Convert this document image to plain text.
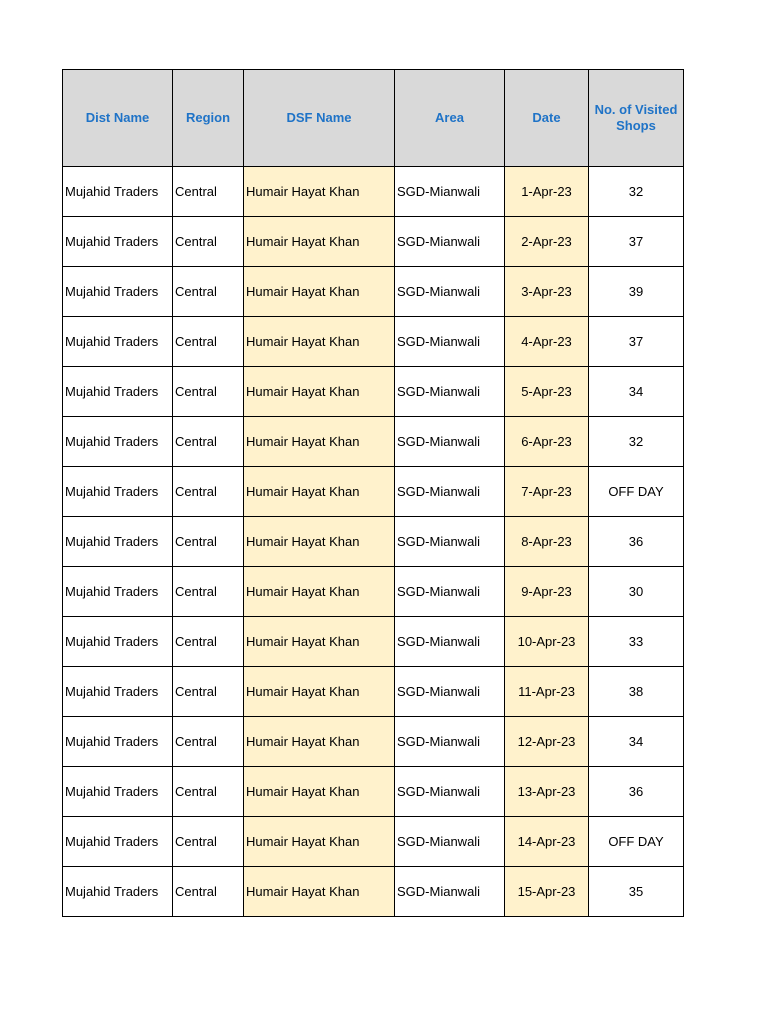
Dist Name	Region	DSF Name	Area	Date	No. of Visited Shops
Mujahid Traders	Central	Humair Hayat Khan	SGD-Mianwali	1-Apr-23	32
Mujahid Traders	Central	Humair Hayat Khan	SGD-Mianwali	2-Apr-23	37
Mujahid Traders	Central	Humair Hayat Khan	SGD-Mianwali	3-Apr-23	39
Mujahid Traders	Central	Humair Hayat Khan	SGD-Mianwali	4-Apr-23	37
Mujahid Traders	Central	Humair Hayat Khan	SGD-Mianwali	5-Apr-23	34
Mujahid Traders	Central	Humair Hayat Khan	SGD-Mianwali	6-Apr-23	32
Mujahid Traders	Central	Humair Hayat Khan	SGD-Mianwali	7-Apr-23	OFF DAY
Mujahid Traders	Central	Humair Hayat Khan	SGD-Mianwali	8-Apr-23	36
Mujahid Traders	Central	Humair Hayat Khan	SGD-Mianwali	9-Apr-23	30
Mujahid Traders	Central	Humair Hayat Khan	SGD-Mianwali	10-Apr-23	33
Mujahid Traders	Central	Humair Hayat Khan	SGD-Mianwali	11-Apr-23	38
Mujahid Traders	Central	Humair Hayat Khan	SGD-Mianwali	12-Apr-23	34
Mujahid Traders	Central	Humair Hayat Khan	SGD-Mianwali	13-Apr-23	36
Mujahid Traders	Central	Humair Hayat Khan	SGD-Mianwali	14-Apr-23	OFF DAY
Mujahid Traders	Central	Humair Hayat Khan	SGD-Mianwali	15-Apr-23	35
